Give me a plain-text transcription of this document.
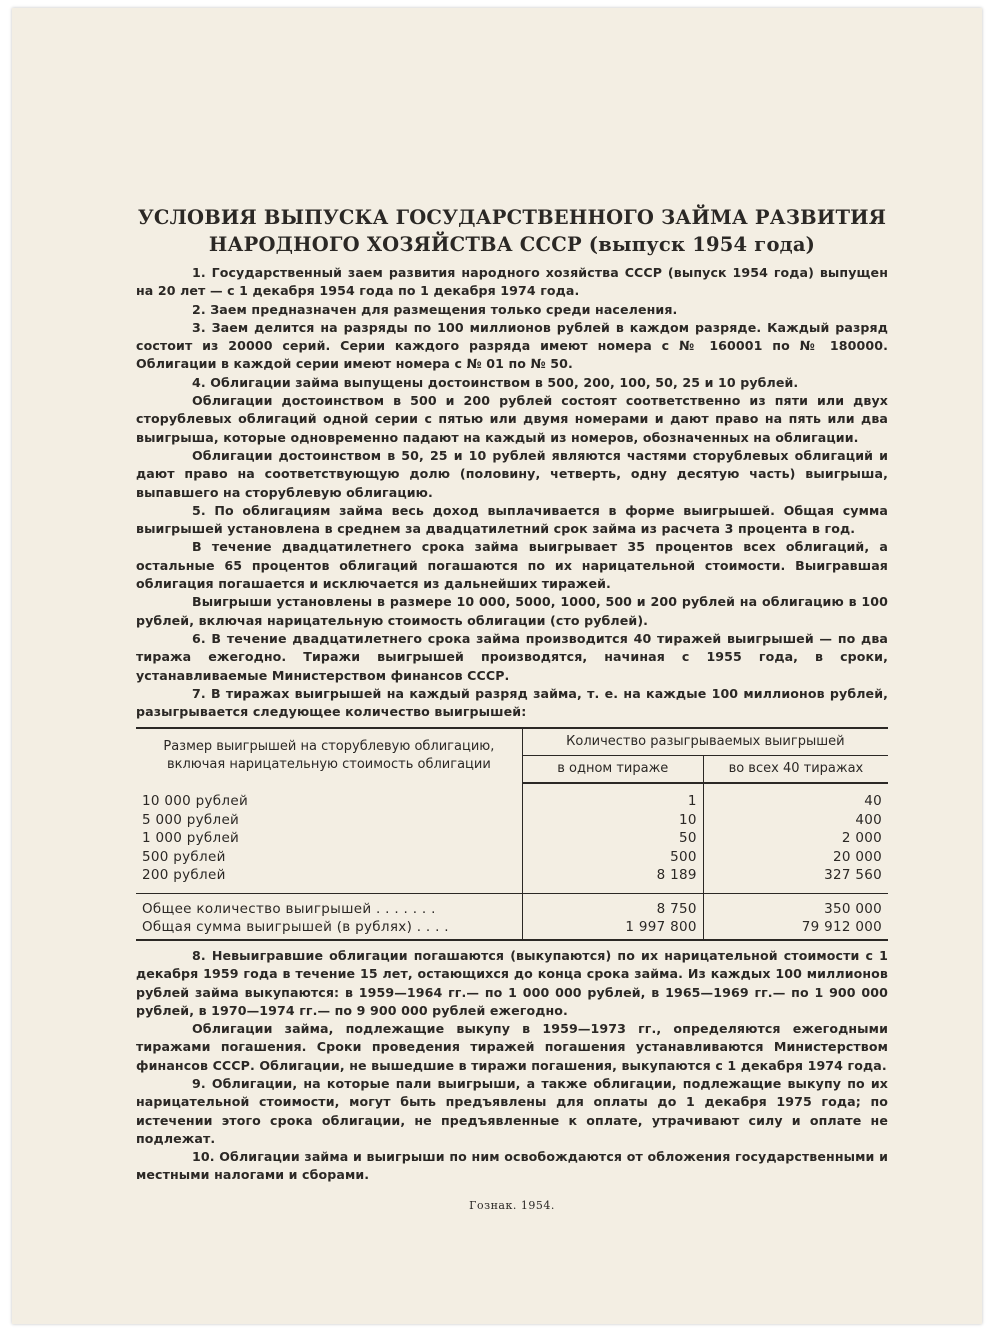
УСЛОВИЯ ВЫПУСКА ГОСУДАРСТВЕННОГО ЗАЙМА РАЗВИТИЯ
НАРОДНОГО ХОЗЯЙСТВА СССР (выпуск 1954 года)

1. Государственный заем развития народного хозяйства СССР (выпуск 1954 года) выпущен на 20 лет — с 1 декабря 1954 года по 1 декабря 1974 года.

2. Заем предназначен для размещения только среди населения.

3. Заем делится на разряды по 100 миллионов рублей в каждом разряде. Каждый разряд состоит из 20000 серий. Серии каждого разряда имеют номера с № 160001 по № 180000. Облигации в каждой серии имеют номера с № 01 по № 50.

4. Облигации займа выпущены достоинством в 500, 200, 100, 50, 25 и 10 рублей.

Облигации достоинством в 500 и 200 рублей состоят соответственно из пяти или двух сторублевых облигаций одной серии с пятью или двумя номерами и дают право на пять или два выигрыша, которые одновременно падают на каждый из номеров, обозначенных на облигации.

Облигации достоинством в 50, 25 и 10 рублей являются частями сторублевых облигаций и дают право на соответствующую долю (половину, четверть, одну десятую часть) выигрыша, выпавшего на сторублевую облигацию.

5. По облигациям займа весь доход выплачивается в форме выигрышей. Общая сумма выигрышей установлена в среднем за двадцатилетний срок займа из расчета 3 процента в год.

В течение двадцатилетнего срока займа выигрывает 35 процентов всех облигаций, а остальные 65 процентов облигаций погашаются по их нарицательной стоимости. Выигравшая облигация погашается и исключается из дальнейших тиражей.

Выигрыши установлены в размере 10 000, 5000, 1000, 500 и 200 рублей на облигацию в 100 рублей, включая нарицательную стоимость облигации (сто рублей).

6. В течение двадцатилетнего срока займа производится 40 тиражей выигрышей — по два тиража ежегодно. Тиражи выигрышей производятся, начиная с 1955 года, в сроки, устанавливаемые Министерством финансов СССР.

7. В тиражах выигрышей на каждый разряд займа, т. е. на каждые 100 миллионов рублей, разыгрывается следующее количество выигрышей:

Размер выигрышей на сторублевую облигацию, включая нарицательную стоимость облигации	Количество разыгрываемых выигрышей	
	в одном тираже	во всех 40 тиражах
10 000 рублей	1	40
5 000 рублей	10	400
1 000 рублей	50	2 000
500 рублей	500	20 000
200 рублей	8 189	327 560
Общее количество выигрышей . . . . . . .	8 750	350 000
Общая сумма выигрышей (в рублях) . . . .	1 997 800	79 912 000

8. Невыигравшие облигации погашаются (выкупаются) по их нарицательной стоимости с 1 декабря 1959 года в течение 15 лет, остающихся до конца срока займа. Из каждых 100 миллионов рублей займа выкупаются: в 1959—1964 гг.— по 1 000 000 рублей, в 1965—1969 гг.— по 1 900 000 рублей, в 1970—1974 гг.— по 9 900 000 рублей ежегодно.

Облигации займа, подлежащие выкупу в 1959—1973 гг., определяются ежегодными тиражами погашения. Сроки проведения тиражей погашения устанавливаются Министерством финансов СССР. Облигации, не вышедшие в тиражи погашения, выкупаются с 1 декабря 1974 года.

9. Облигации, на которые пали выигрыши, а также облигации, подлежащие выкупу по их нарицательной стоимости, могут быть предъявлены для оплаты до 1 декабря 1975 года; по истечении этого срока облигации, не предъявленные к оплате, утрачивают силу и оплате не подлежат.

10. Облигации займа и выигрыши по ним освобождаются от обложения государственными и местными налогами и сборами.

Гознак. 1954.
